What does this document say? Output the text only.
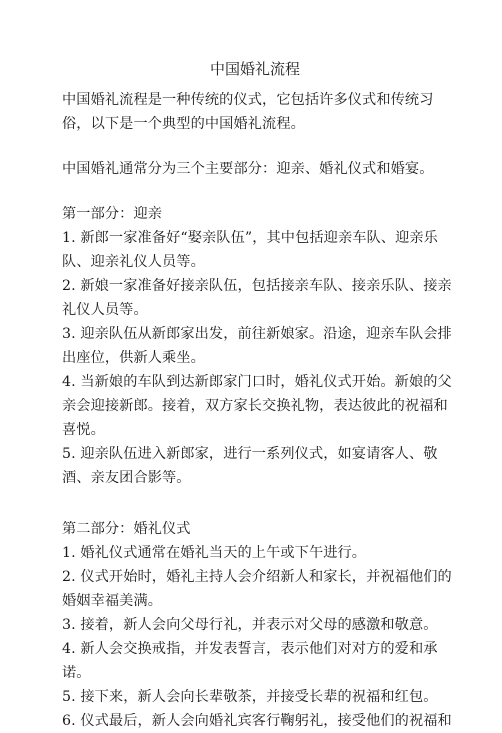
中国婚礼流程

中国婚礼流程是一种传统的仪式，它包括许多仪式和传统习俗，以下是一个典型的中国婚礼流程。

中国婚礼通常分为三个主要部分：迎亲、婚礼仪式和婚宴。

第一部分：迎亲

1. 新郎一家准备好“娶亲队伍”，其中包括迎亲车队、迎亲乐队、迎亲礼仪人员等。

2. 新娘一家准备好接亲队伍，包括接亲车队、接亲乐队、接亲礼仪人员等。

3. 迎亲队伍从新郎家出发，前往新娘家。沿途，迎亲车队会排出座位，供新人乘坐。

4. 当新娘的车队到达新郎家门口时，婚礼仪式开始。新娘的父亲会迎接新郎。接着，双方家长交换礼物，表达彼此的祝福和喜悦。

5. 迎亲队伍进入新郎家，进行一系列仪式，如宴请客人、敬酒、亲友团合影等。

第二部分：婚礼仪式

1. 婚礼仪式通常在婚礼当天的上午或下午进行。

2. 仪式开始时，婚礼主持人会介绍新人和家长，并祝福他们的婚姻幸福美满。

3. 接着，新人会向父母行礼，并表示对父母的感激和敬意。

4. 新人会交换戒指，并发表誓言，表示他们对对方的爱和承诺。

5. 接下来，新人会向长辈敬茶，并接受长辈的祝福和红包。

6. 仪式最后，新人会向婚礼宾客行鞠躬礼，接受他们的祝福和
